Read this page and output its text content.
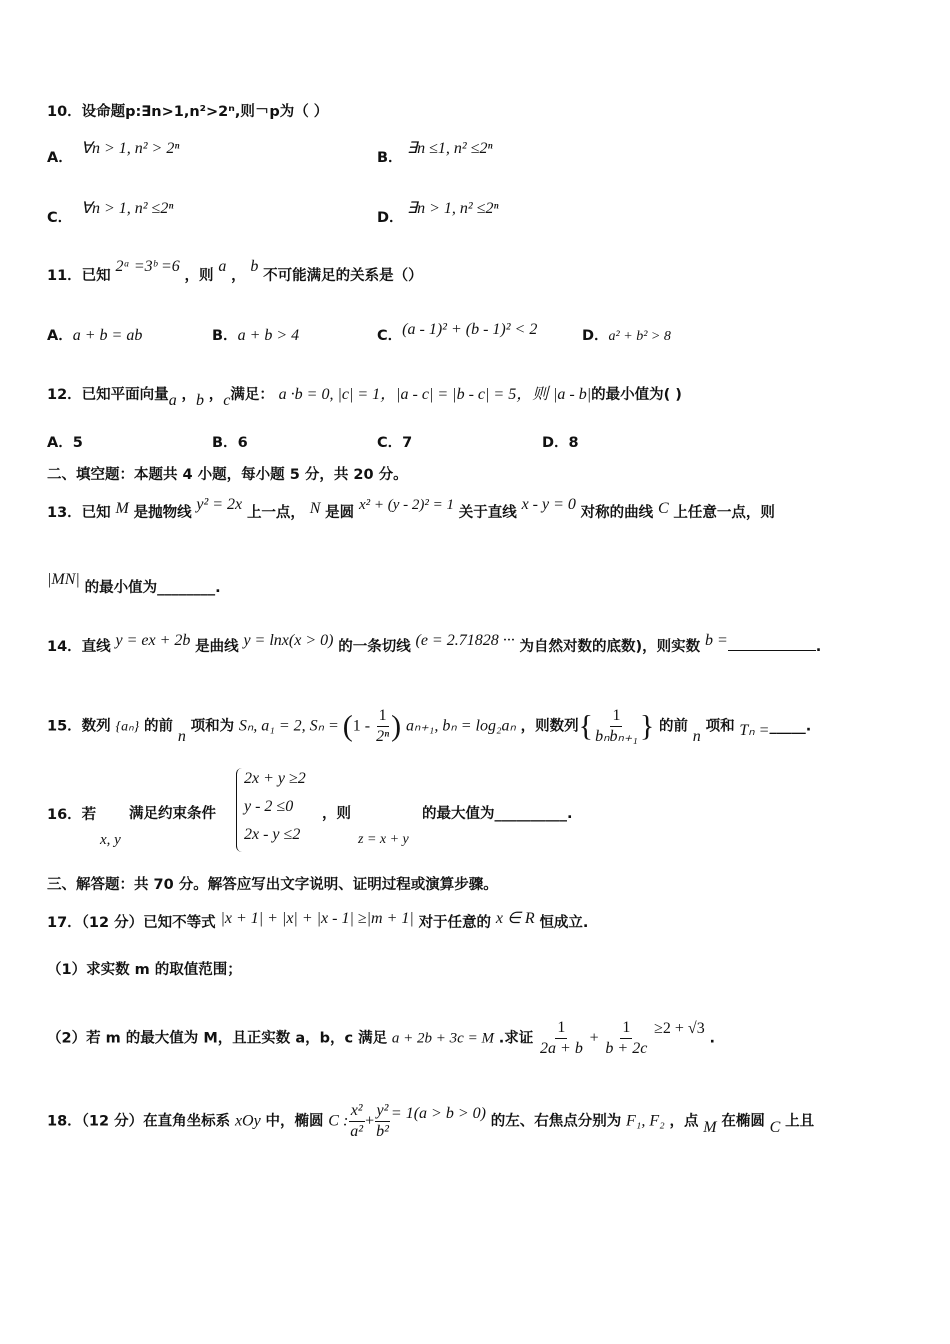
10．设命题p:∃n>1,n²>2ⁿ,则￢p为（ ）
A．
∀n > 1, n² > 2ⁿ
B．
∃n ≤1, n² ≤2ⁿ
C．
∀n > 1, n² ≤2ⁿ
D．
∃n > 1, n² ≤2ⁿ
11．已知 2ᵃ =3ᵇ =6 ，则 a ， b 不可能满足的关系是（）
A．a + b = ab	B．a + b > 4	C．(a - 1)² + (b - 1)² < 2	D．a² + b² > 8
12．已知平面向量a ，b ，c满足： a ·b = 0, |c| = 1，|a - c| = |b - c| = 5，则 |a - b|的最小值为( )
A．5	B．6	C．7	D．8
二、填空题：本题共 4 小题，每小题 5 分，共 20 分。
13．已知 M 是抛物线 y² = 2x 上一点， N 是圆 x² + (y - 2)² = 1 关于直线 x - y = 0 对称的曲线 C 上任意一点，则
|MN| 的最小值为________.
14．直线 y = ex + 2b 是曲线 y = lnx(x > 0) 的一条切线 (e = 2.71828 ··· 为自然对数的底数)，则实数 b =	.
15．数列 {aₙ} 的前 n 项和为 Sₙ, a₁ = 2, $S_n = (1 - \frac{1}{\text{2ⁿ}}$ ) aₙ₊₁, bₙ = log₂aₙ ，则数列{ $\frac{1}{\text{bₙbₙ₊₁}}$ } 的前 n 项和 Tₙ =_____.
16．若 满足约束条件	，则	的最大值为__________.
x, y
2x + y ≥2
y - 2 ≤0
2x - y ≤2	z = x + y
三、解答题：共 70 分。解答应写出文字说明、证明过程或演算步骤。
17．（12 分）已知不等式 |x + 1| + |x| + |x - 1| ≥|m + 1| 对于任意的 x ∈ R 恒成立.
（1）求实数 m 的取值范围；
（2）若 m 的最大值为 M，且正实数 a，b，c 满足 a + 2b + 3c = M .求证 $\frac{1}{2a + b} + \frac{1}{b + 2c} \ge 2 + √3$ .
18．（12 分）在直角坐标系 xOy 中，椭圆 C : $\frac{\text{x²}}{\text{a²}} + \frac{\text{y²}}{\text{b²}} = 1(a > b > 0)$ 的左、右焦点分别为 F₁, F₂ ，点 M 在椭圆 C 上且
